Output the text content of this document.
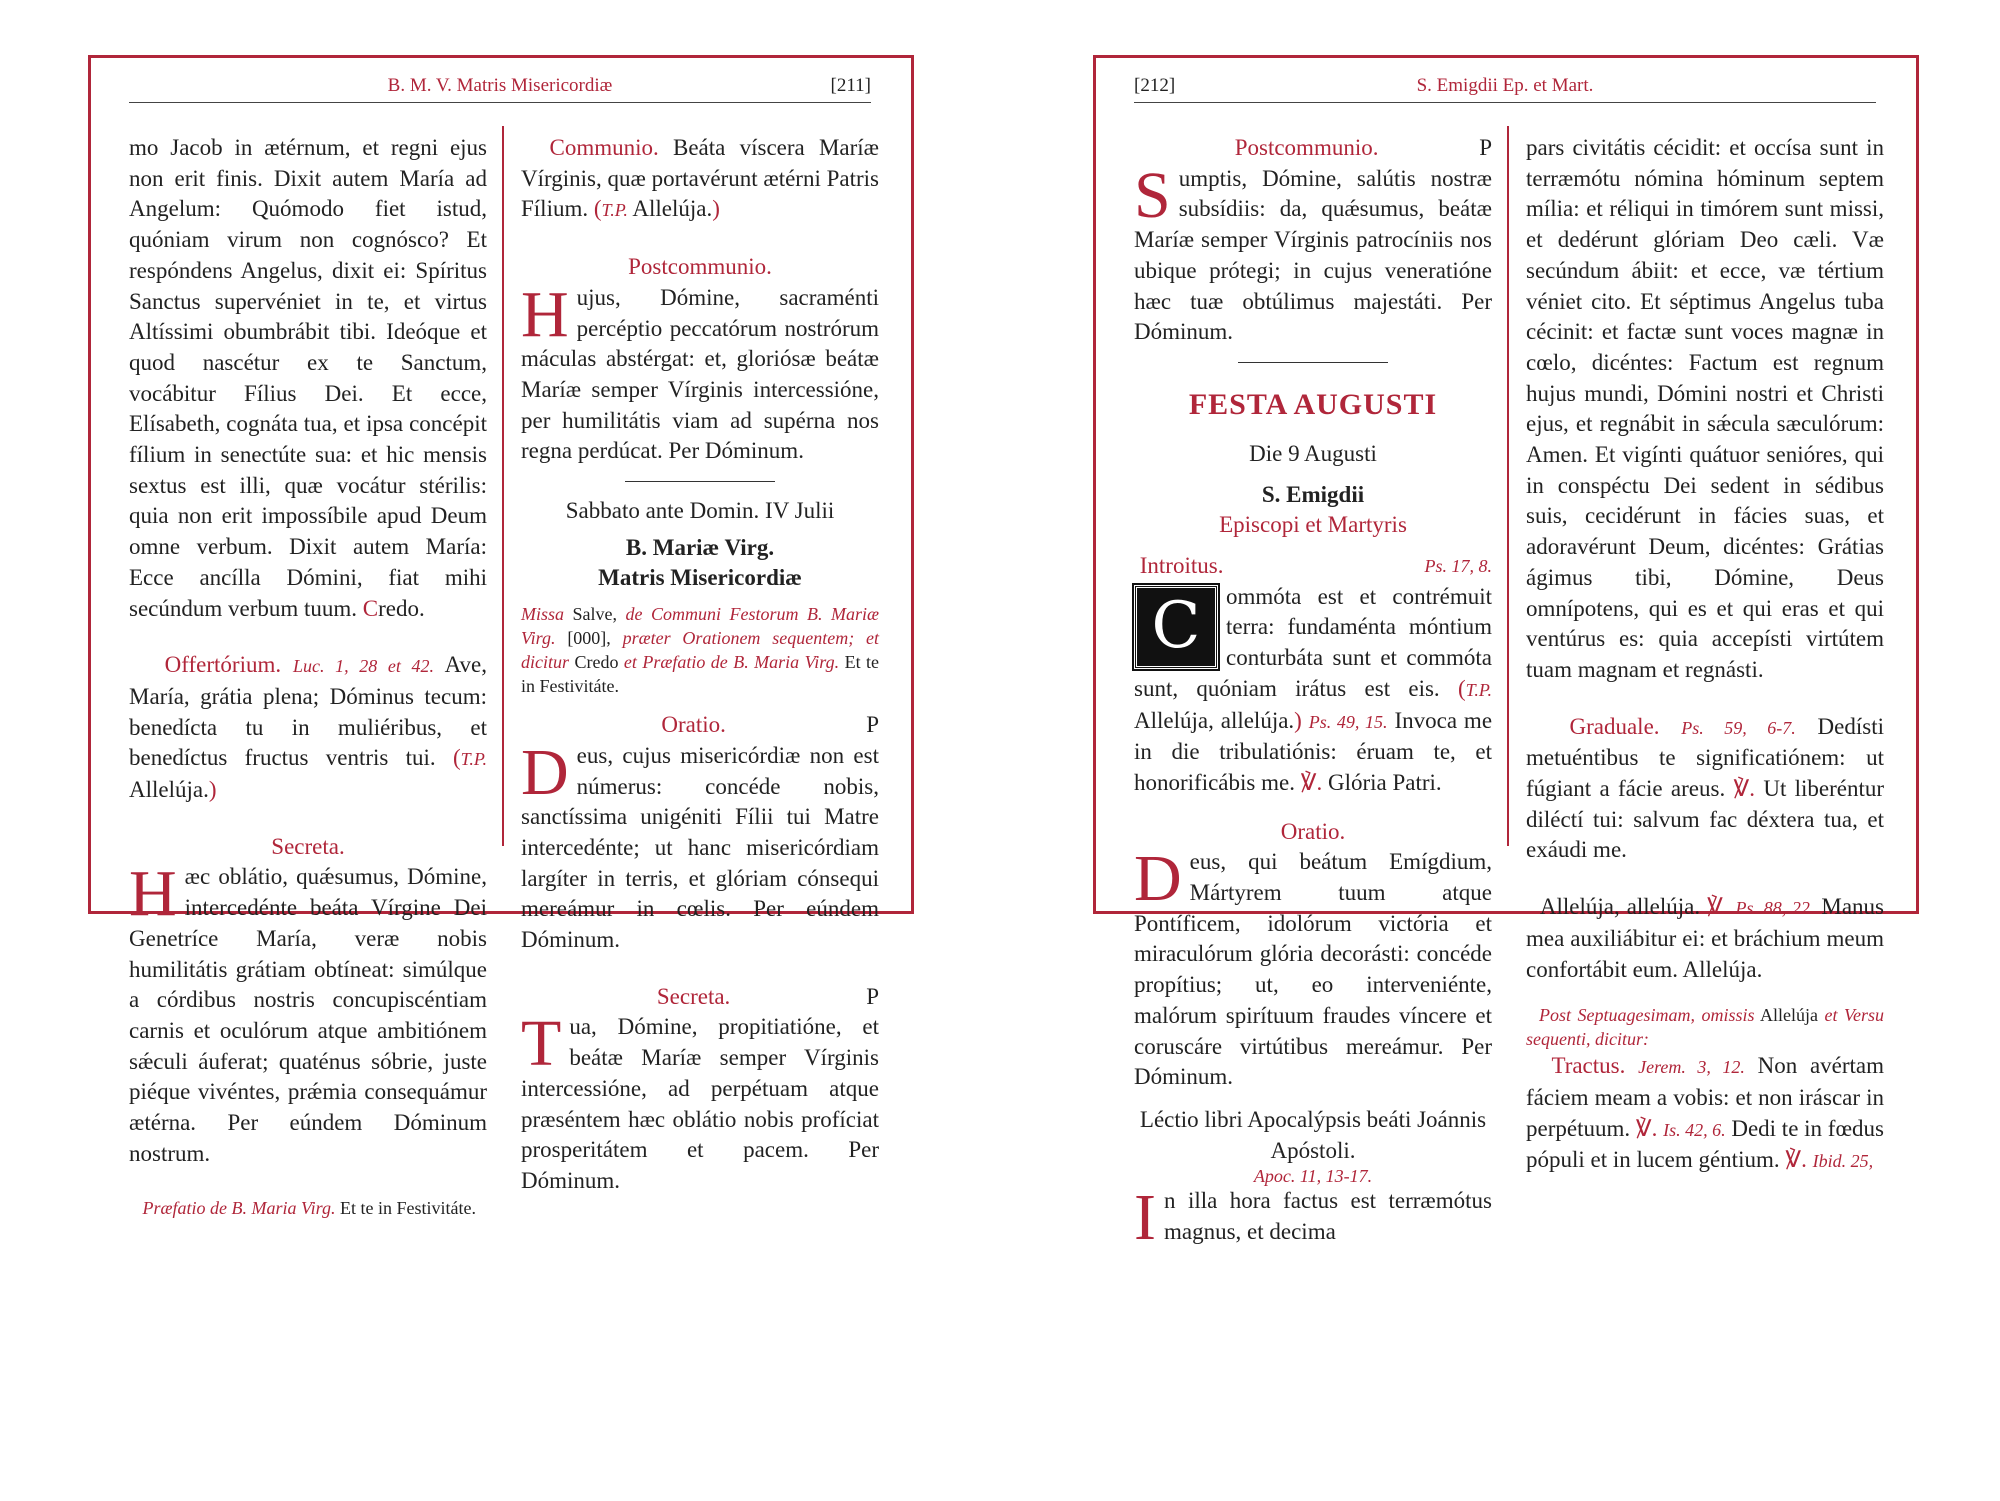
B. M. V. Matris Misericordiæ	[211]

mo Jacob in ætérnum, et regni ejus non erit finis. Dixit autem María ad Angelum: Quómodo fiet istud, quóniam virum non cognósco? Et respóndens Angelus, dixit ei: Spíritus Sanctus supervéniet in te, et virtus Altíssimi obumbrábit tibi. Ideóque et quod nascétur ex te Sanctum, vocábitur Fílius Dei. Et ecce, Elísabeth, cognáta tua, et ipsa concépit fílium in senectúte sua: et hic mensis sextus est illi, quæ vocátur stérilis: quia non erit impossíbile apud Deum omne verbum. Dixit autem María: Ecce ancílla Dómini, fiat mihi secúndum verbum tuum. Credo.

Offertórium. Luc. 1, 28 et 42. Ave, María, grátia plena; Dóminus tecum: benedícta tu in muliéribus, et benedíctus fructus ventris tui. (T.P. Allelúja.)

Secreta.

Hæc oblátio, quǽsumus, Dómine, intercedénte beáta Vírgine Dei Genetríce María, veræ nobis humilitátis grátiam obtíneat: simúlque a córdibus nostris concupiscéntiam carnis et oculórum atque ambitiónem sǽculi áuferat; quaténus sóbrie, juste piéque vivéntes, prǽmia consequámur ætérna. Per eúndem Dóminum nostrum.

Præfatio de B. Maria Virg. Et te in Festivitáte.

Communio. Beáta víscera Maríæ Vírginis, quæ portavérunt ætérni Patris Fílium. (T.P. Allelúja.)

Postcommunio.

Hujus, Dómine, sacraménti percéptio peccatórum nostrórum máculas abstérgat: et, gloriósæ beátæ Maríæ semper Vírginis intercessióne, per humilitátis viam ad supérna nos regna perdúcat. Per Dóminum.

Sabbato ante Domin. IV Julii

B. Mariæ Virg.

Matris Misericordiæ

Missa Salve, de Communi Festorum B. Mariæ Virg. [000], præter Orationem sequentem; et dicitur Credo et Præfatio de B. Maria Virg. Et te in Festivitáte.

Oratio.	P

Deus, cujus misericórdiæ non est númerus: concéde nobis, sanctíssima unigéniti Fílii tui Matre intercedénte; ut hanc misericórdiam largíter in terris, et glóriam cónsequi mereámur in cœlis. Per eúndem Dóminum.

Secreta.	P

Tua, Dómine, propitiatióne, et beátæ Maríæ semper Vírginis intercessióne, ad perpétuam atque præséntem hæc oblátio nobis profíciat prosperitátem et pacem. Per Dóminum.

S. Emigdii Ep. et Mart.
[212]

Postcommunio.	P

Sumptis, Dómine, salútis nostræ subsídiis: da, quǽsumus, beátæ Maríæ semper Vírginis patrocíniis nos ubique prótegi; in cujus veneratióne hæc tuæ obtúlimus majestáti. Per Dóminum.

FESTA AUGUSTI

Die 9 Augusti

S. Emigdii

Episcopi et Martyris

Introitus.	Ps. 17, 8.

C	ommóta est et contrémuit terra: fundaménta móntium conturbáta sunt et commóta sunt, quóniam irátus est eis. (T.P. Allelúja, allelúja.) Ps. 49, 15. Invoca me in die tribulatiónis: éruam te, et honorificábis me. ℣. Glória Patri.

Oratio.

Deus, qui beátum Emígdium, Mártyrem tuum atque Pontíficem, idolórum victória et miraculórum glória decorásti: concéde propítius; ut, eo interveniénte, malórum spirítuum fraudes víncere et coruscáre virtútibus mereámur. Per Dóminum.

Léctio libri Apocalýpsis beáti Joánnis Apóstoli.

Apoc. 11, 13-17.

In illa hora factus est terræmótus magnus, et decima

pars civitátis cécidit: et occísa sunt in terræmótu nómina hóminum septem mília: et réliqui in timórem sunt missi, et dedérunt glóriam Deo cæli. Væ secúndum ábiit: et ecce, væ tértium véniet cito. Et séptimus Angelus tuba cécinit: et factæ sunt voces magnæ in cœlo, dicéntes: Factum est regnum hujus mundi, Dómini nostri et Christi ejus, et regnábit in sǽcula sæculórum: Amen. Et vigínti quátuor senióres, qui in conspéctu Dei sedent in sédibus suis, cecidérunt in fácies suas, et adoravérunt Deum, dicéntes: Grátias ágimus tibi, Dómine, Deus omnípotens, qui es et qui eras et qui ventúrus es: quia accepísti virtútem tuam magnam et regnásti.

Graduale. Ps. 59, 6-7. Dedísti metuéntibus te significatiónem: ut fúgiant a fácie areus. ℣. Ut liberéntur diléctí tui: salvum fac déxtera tua, et exáudi me.

Allelúja, allelúja. ℣. Ps. 88, 22. Manus mea auxiliábitur ei: et bráchium meum confortábit eum. Allelúja.

Post Septuagesimam, omissis Allelúja et Versu sequenti, dicitur:

Tractus. Jerem. 3, 12. Non avértam fáciem meam a vobis: et non iráscar in perpétuum. ℣. Is. 42, 6. Dedi te in fœdus pópuli et in lucem géntium. ℣. Ibid. 25,
